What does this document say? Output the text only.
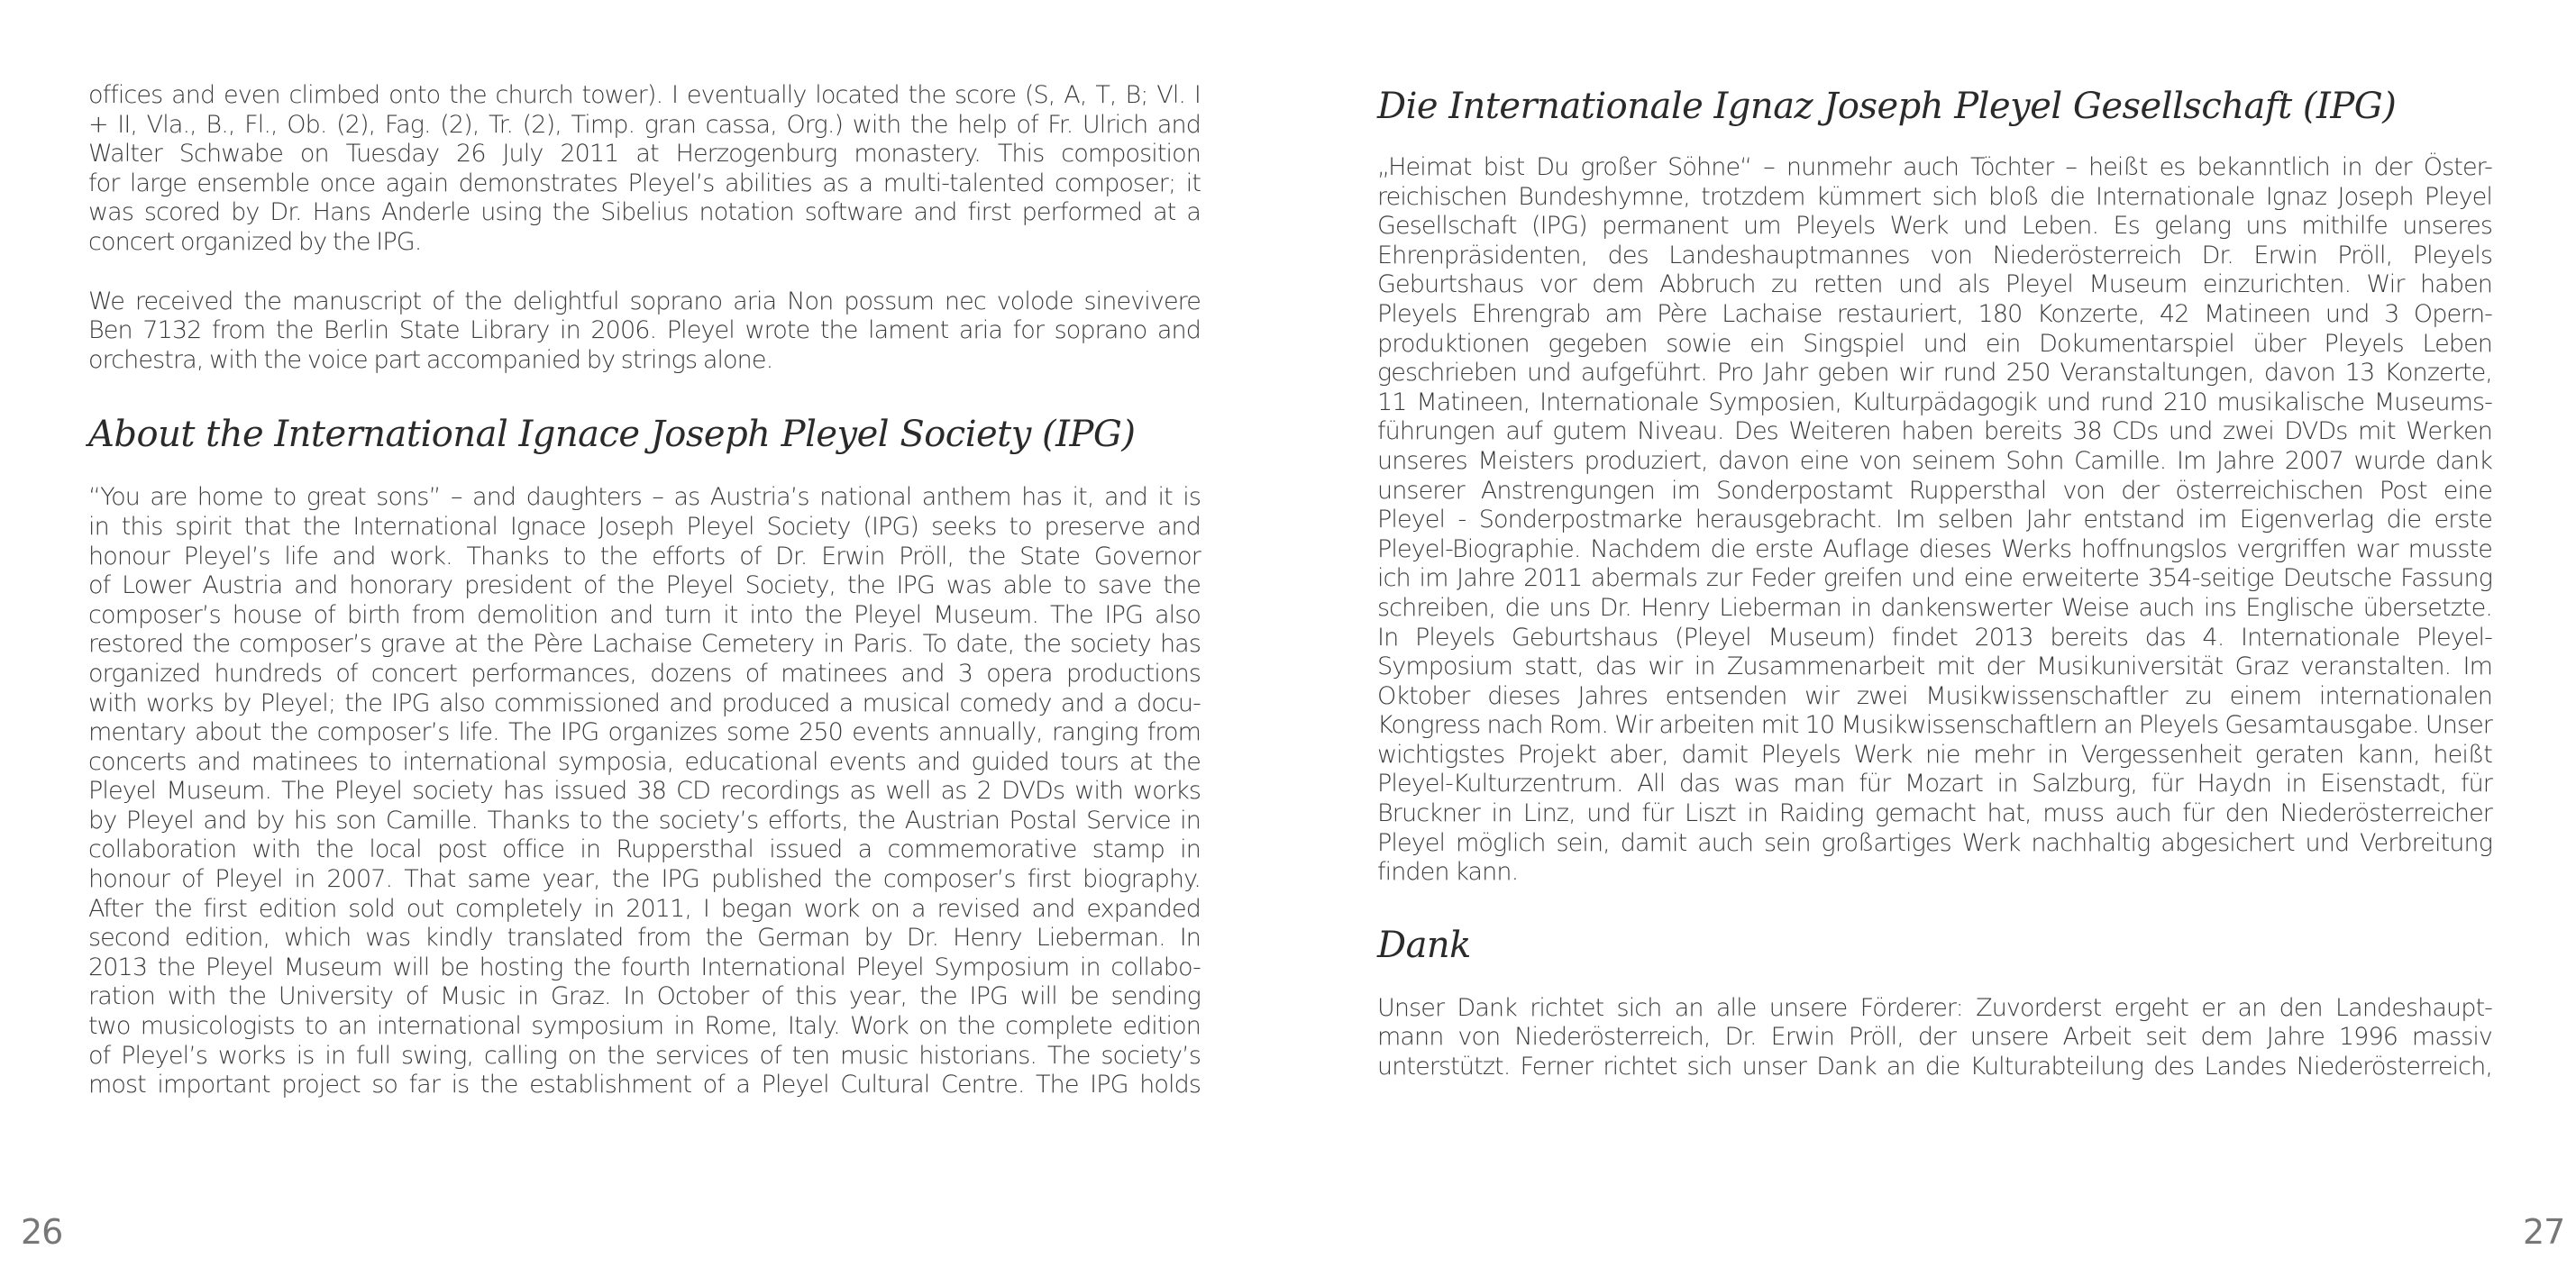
offices and even climbed onto the church tower). I eventually located the score (S, A, T, B; Vl. I
+ II, Vla., B., Fl., Ob. (2), Fag. (2), Tr. (2), Timp. gran cassa, Org.) with the help of Fr. Ulrich and
Walter Schwabe on Tuesday 26 July 2011 at Herzogenburg monastery. This composition
for large ensemble once again demonstrates Pleyel’s abilities as a multi-talented composer; it
was scored by Dr. Hans Anderle using the Sibelius notation software and first performed at a
concert organized by the IPG.
We received the manuscript of the delightful soprano aria Non possum nec volode sinevivere
Ben 7132 from the Berlin State Library in 2006. Pleyel wrote the lament aria for soprano and
orchestra, with the voice part accompanied by strings alone.
About the International Ignace Joseph Pleyel Society (IPG)
“You are home to great sons” – and daughters – as Austria’s national anthem has it, and it is
in this spirit that the International Ignace Joseph Pleyel Society (IPG) seeks to preserve and
honour Pleyel’s life and work. Thanks to the efforts of Dr. Erwin Pröll, the State Governor
of Lower Austria and honorary president of the Pleyel Society, the IPG was able to save the
composer’s house of birth from demolition and turn it into the Pleyel Museum. The IPG also
restored the composer’s grave at the Père Lachaise Cemetery in Paris. To date, the society has
organized hundreds of concert performances, dozens of matinees and 3 opera productions
with works by Pleyel; the IPG also commissioned and produced a musical comedy and a docu-
mentary about the composer’s life. The IPG organizes some 250 events annually, ranging from
concerts and matinees to international symposia, educational events and guided tours at the
Pleyel Museum. The Pleyel society has issued 38 CD recordings as well as 2 DVDs with works
by Pleyel and by his son Camille. Thanks to the society’s efforts, the Austrian Postal Service in
collaboration with the local post office in Ruppersthal issued a commemorative stamp in
honour of Pleyel in 2007. That same year, the IPG published the composer’s first biography.
After the first edition sold out completely in 2011, I began work on a revised and expanded
second edition, which was kindly translated from the German by Dr. Henry Lieberman. In
2013 the Pleyel Museum will be hosting the fourth International Pleyel Symposium in collabo-
ration with the University of Music in Graz. In October of this year, the IPG will be sending
two musicologists to an international symposium in Rome, Italy. Work on the complete edition
of Pleyel’s works is in full swing, calling on the services of ten music historians. The society’s
most important project so far is the establishment of a Pleyel Cultural Centre. The IPG holds
26
Die Internationale Ignaz Joseph Pleyel Gesellschaft (IPG)
„Heimat bist Du großer Söhne“ – nunmehr auch Töchter – heißt es bekanntlich in der Öster-
reichischen Bundeshymne, trotzdem kümmert sich bloß die Internationale Ignaz Joseph Pleyel
Gesellschaft (IPG) permanent um Pleyels Werk und Leben. Es gelang uns mithilfe unseres
Ehrenpräsidenten, des Landeshauptmannes von Niederösterreich Dr. Erwin Pröll, Pleyels
Geburtshaus vor dem Abbruch zu retten und als Pleyel Museum einzurichten. Wir haben
Pleyels Ehrengrab am Père Lachaise restauriert, 180 Konzerte, 42 Matineen und 3 Opern-
produktionen gegeben sowie ein Singspiel und ein Dokumentarspiel über Pleyels Leben
geschrieben und aufgeführt. Pro Jahr geben wir rund 250 Veranstaltungen, davon 13 Konzerte,
11 Matineen, Internationale Symposien, Kulturpädagogik und rund 210 musikalische Museums-
führungen auf gutem Niveau. Des Weiteren haben bereits 38 CDs und zwei DVDs mit Werken
unseres Meisters produziert, davon eine von seinem Sohn Camille. Im Jahre 2007 wurde dank
unserer Anstrengungen im Sonderpostamt Ruppersthal von der österreichischen Post eine
Pleyel - Sonderpostmarke herausgebracht. Im selben Jahr entstand im Eigenverlag die erste
Pleyel-Biographie. Nachdem die erste Auflage dieses Werks hoffnungslos vergriffen war musste
ich im Jahre 2011 abermals zur Feder greifen und eine erweiterte 354-seitige Deutsche Fassung
schreiben, die uns Dr. Henry Lieberman in dankenswerter Weise auch ins Englische übersetzte.
In Pleyels Geburtshaus (Pleyel Museum) findet 2013 bereits das 4. Internationale Pleyel-
Symposium statt, das wir in Zusammenarbeit mit der Musikuniversität Graz veranstalten. Im
Oktober dieses Jahres entsenden wir zwei Musikwissenschaftler zu einem internationalen
Kongress nach Rom. Wir arbeiten mit 10 Musikwissenschaftlern an Pleyels Gesamtausgabe. Unser
wichtigstes Projekt aber, damit Pleyels Werk nie mehr in Vergessenheit geraten kann, heißt
Pleyel-Kulturzentrum. All das was man für Mozart in Salzburg, für Haydn in Eisenstadt, für
Bruckner in Linz, und für Liszt in Raiding gemacht hat, muss auch für den Niederösterreicher
Pleyel möglich sein, damit auch sein großartiges Werk nachhaltig abgesichert und Verbreitung
finden kann.
Dank
Unser Dank richtet sich an alle unsere Förderer: Zuvorderst ergeht er an den Landeshaupt-
mann von Niederösterreich, Dr. Erwin Pröll, der unsere Arbeit seit dem Jahre 1996 massiv
unterstützt. Ferner richtet sich unser Dank an die Kulturabteilung des Landes Niederösterreich,
27
